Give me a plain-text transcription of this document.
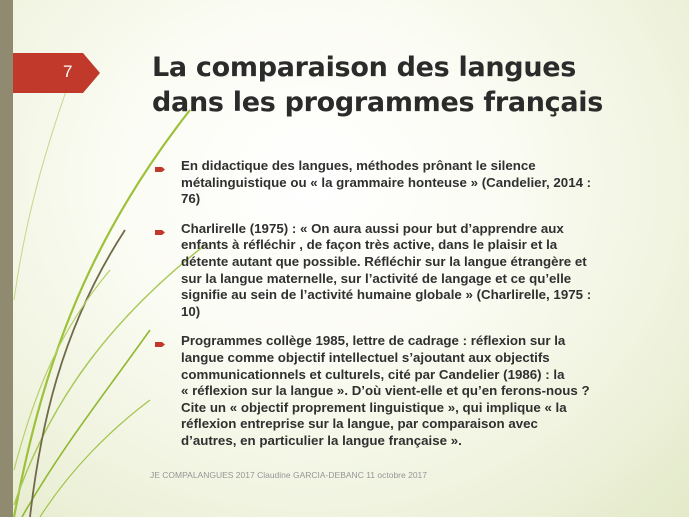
7	La comparaison des langues
dans les programmes français
En didactique des langues, méthodes prônant le silence
métalinguistique ou « la grammaire honteuse » (Candelier, 2014 :
76)
Charlirelle (1975) : « On aura aussi pour but d’apprendre aux
enfants à réfléchir , de façon très active, dans le plaisir et la
détente autant que possible. Réfléchir sur la langue étrangère et
sur la langue maternelle, sur l’activité de langage et ce qu’elle
signifie au sein de l’activité humaine globale » (Charlirelle, 1975 :
10)
Programmes collège 1985, lettre de cadrage : réflexion sur la
langue comme objectif intellectuel s’ajoutant aux objectifs
communicationnels et culturels, cité par Candelier (1986) : la
« réflexion sur la langue ». D’où vient-elle et qu’en ferons-nous ?
Cite un « objectif proprement linguistique », qui implique « la
réflexion entreprise sur la langue, par comparaison avec
d’autres, en particulier la langue française ».

JE COMPALANGUES 2017 Claudine GARCIA-DEBANC 11 octobre 2017
